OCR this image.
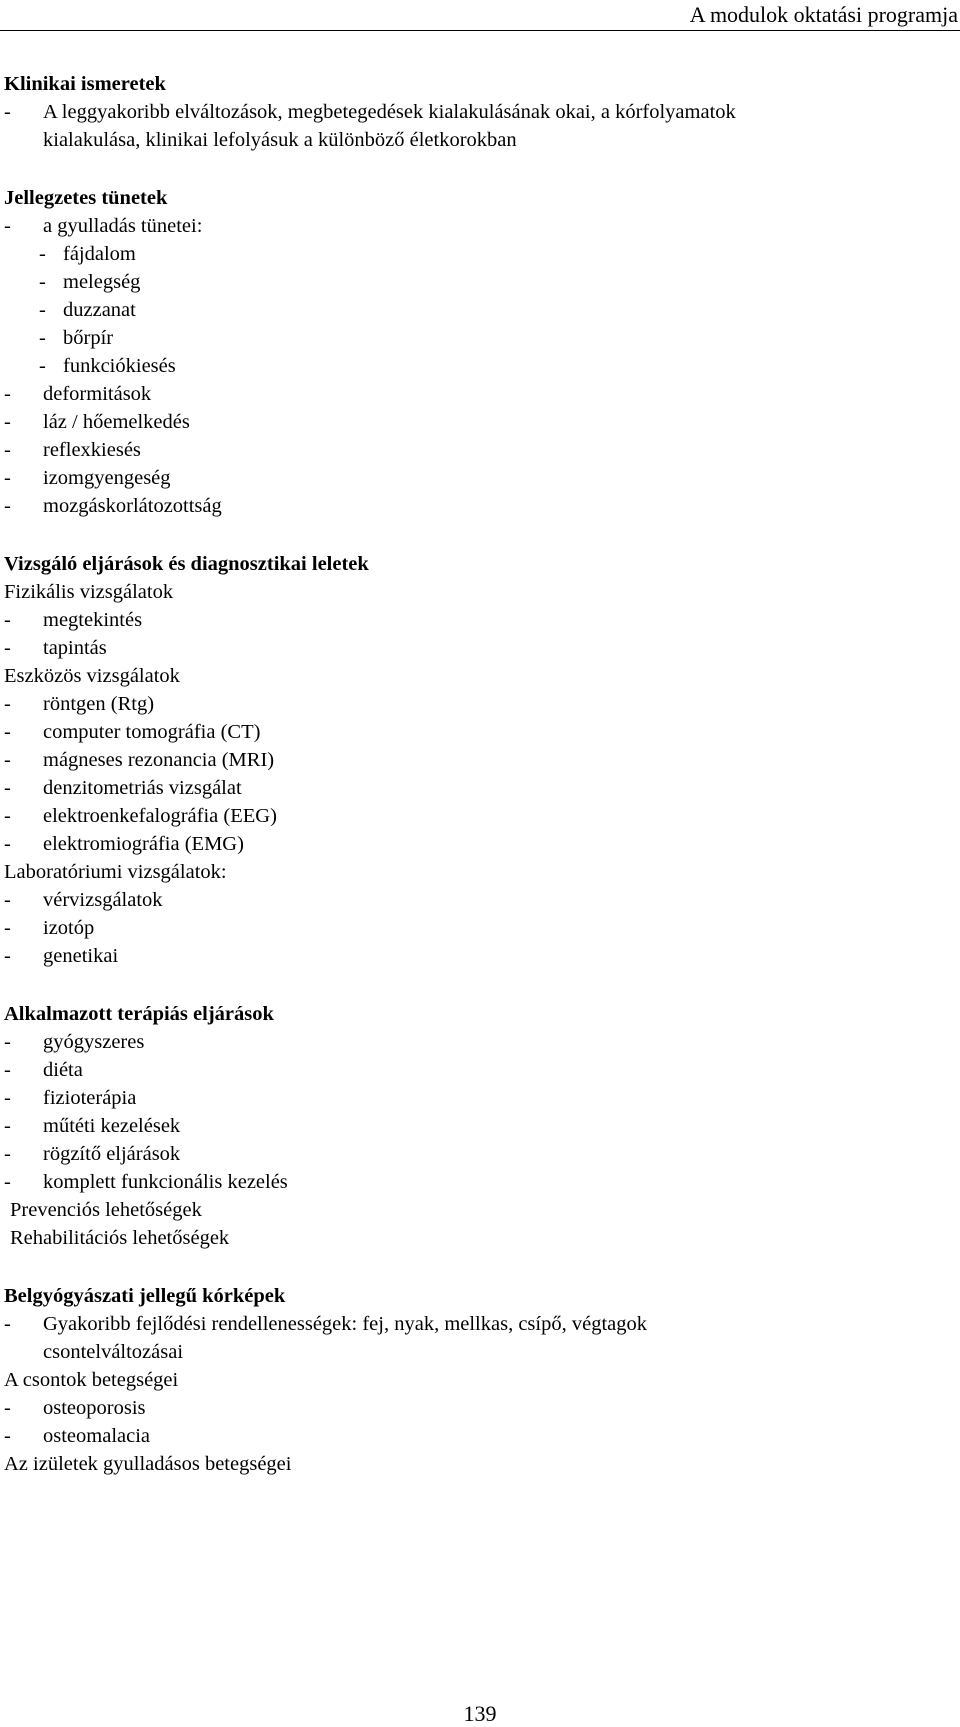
A modulok oktatási programja
Klinikai ismeretek
- A leggyakoribb elváltozások, megbetegedések kialakulásának okai, a kórfolyamatok
kialakulása, klinikai lefolyásuk a különböző életkorokban
Jellegzetes tünetek
- a gyulladás tünetei:
- fájdalom
- melegség
- duzzanat
- bőrpír
- funkciókiesés
- deformitások
- láz / hőemelkedés
- reflexkiesés
- izomgyengeség
- mozgáskorlátozottság
Vizsgáló eljárások és diagnosztikai leletek
Fizikális vizsgálatok
- megtekintés
- tapintás
Eszközös vizsgálatok
- röntgen (Rtg)
- computer tomográfia (CT)
- mágneses rezonancia (MRI)
- denzitometriás vizsgálat
- elektroenkefalográfia (EEG)
- elektromiográfia (EMG)
Laboratóriumi vizsgálatok:
- vérvizsgálatok
- izotóp
- genetikai
Alkalmazott terápiás eljárások
- gyógyszeres
- diéta
- fizioterápia
- műtéti kezelések
- rögzítő eljárások
- komplett funkcionális kezelés
Prevenciós lehetőségek
Rehabilitációs lehetőségek
Belgyógyászati jellegű kórképek
- Gyakoribb fejlődési rendellenességek: fej, nyak, mellkas, csípő, végtagok
csontelváltozásai
A csontok betegségei
- osteoporosis
- osteomalacia
Az izületek gyulladásos betegségei
139
